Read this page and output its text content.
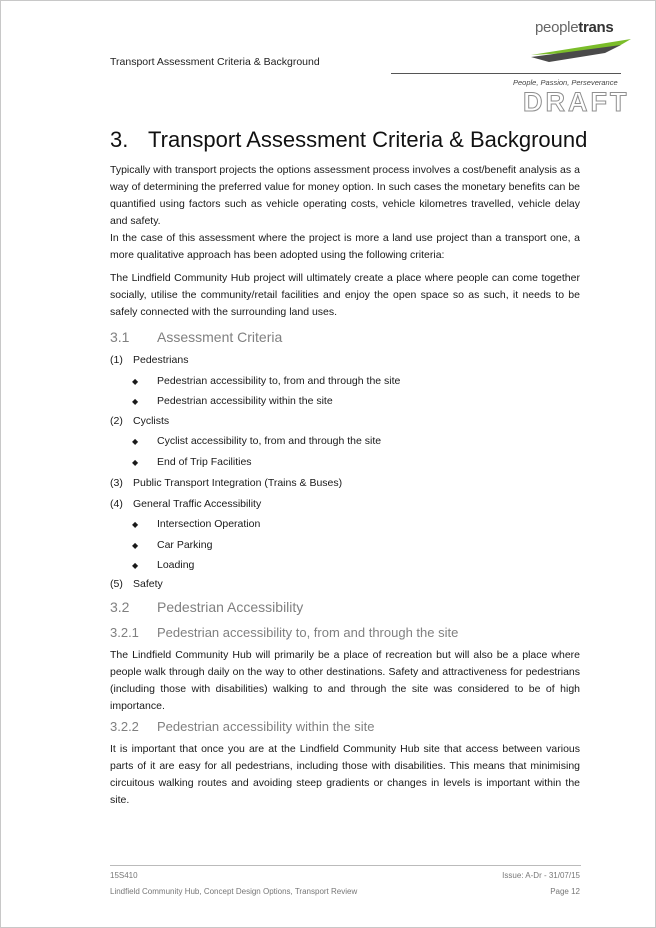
Transport Assessment Criteria & Background
peopletrans
People, Passion, Perseverance
DRAFT
3. Transport Assessment Criteria & Background
Typically with transport projects the options assessment process involves a cost/benefit analysis as a way of determining the preferred value for money option. In such cases the monetary benefits can be quantified using factors such as vehicle operating costs, vehicle kilometres travelled, vehicle delay and safety.
In the case of this assessment where the project is more a land use project than a transport one, a more qualitative approach has been adopted using the following criteria:
The Lindfield Community Hub project will ultimately create a place where people can come together socially, utilise the community/retail facilities and enjoy the open space so as such, it needs to be safely connected with the surrounding land uses.
3.1 Assessment Criteria
(1) Pedestrians
◆ Pedestrian accessibility to, from and through the site
◆ Pedestrian accessibility within the site
(2) Cyclists
◆ Cyclist accessibility to, from and through the site
◆ End of Trip Facilities
(3) Public Transport Integration (Trains & Buses)
(4) General Traffic Accessibility
◆ Intersection Operation
◆ Car Parking
◆ Loading
(5) Safety
3.2 Pedestrian Accessibility
3.2.1 Pedestrian accessibility to, from and through the site
The Lindfield Community Hub will primarily be a place of recreation but will also be a place where people walk through daily on the way to other destinations. Safety and attractiveness for pedestrians (including those with disabilities) walking to and through the site was considered to be of high importance.
3.2.2 Pedestrian accessibility within the site
It is important that once you are at the Lindfield Community Hub site that access between various parts of it are easy for all pedestrians, including those with disabilities. This means that minimising circuitous walking routes and avoiding steep gradients or changes in levels is important within the site.
15S410	Issue: A-Dr - 31/07/15
Lindfield Community Hub, Concept Design Options, Transport Review	Page 12
